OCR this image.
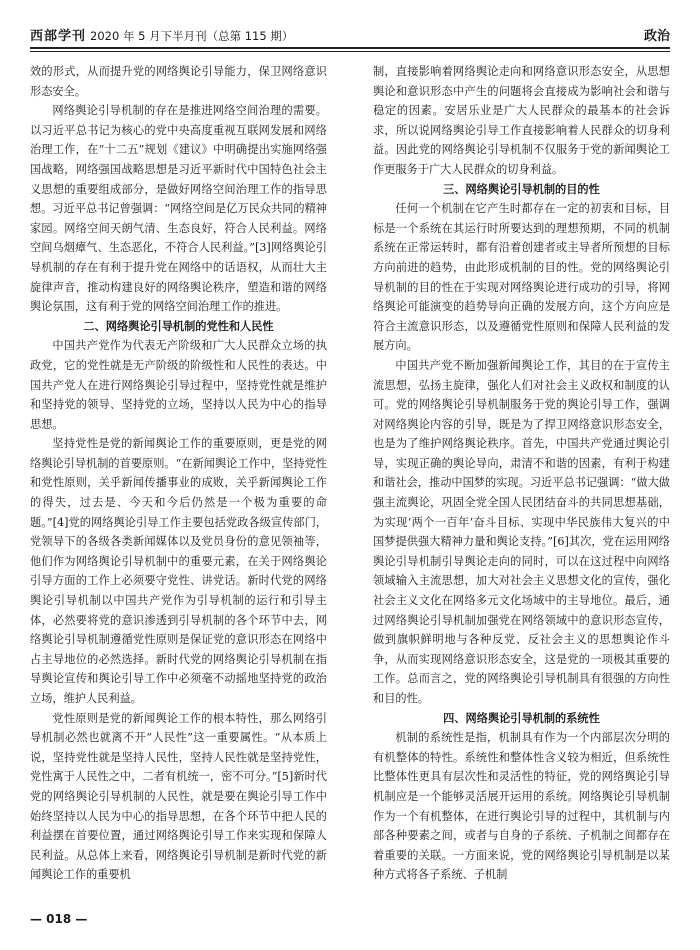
西部学刊 2020 年 5 月下半月刊（总第 115 期）	政治

效的形式，从而提升党的网络舆论引导能力，保卫网络意识形态安全。

网络舆论引导机制的存在是推进网络空间治理的需要。以习近平总书记为核心的党中央高度重视互联网发展和网络治理工作，在“十二五”规划《建议》中明确提出实施网络强国战略，网络强国战略思想是习近平新时代中国特色社会主义思想的重要组成部分，是做好网络空间治理工作的指导思想。习近平总书记曾强调：“网络空间是亿万民众共同的精神家园。网络空间天朗气清、生态良好，符合人民利益。网络空间乌烟瘴气、生态恶化，不符合人民利益。”[3]网络舆论引导机制的存在有利于提升党在网络中的话语权，从而壮大主旋律声音，推动构建良好的网络舆论秩序，塑造和谐的网络舆论氛围，这有利于党的网络空间治理工作的推进。

二、网络舆论引导机制的党性和人民性

中国共产党作为代表无产阶级和广大人民群众立场的执政党，它的党性就是无产阶级的阶级性和人民性的表达。中国共产党人在进行网络舆论引导过程中，坚持党性就是维护和坚持党的领导、坚持党的立场，坚持以人民为中心的指导思想。

坚持党性是党的新闻舆论工作的重要原则，更是党的网络舆论引导机制的首要原则。“在新闻舆论工作中，坚持党性和党性原则，关乎新闻传播事业的成败，关乎新闻舆论工作的得失，过去是、今天和今后仍然是一个极为重要的命题。”[4]党的网络舆论引导工作主要包括党政各级宣传部门，党领导下的各级各类新闻媒体以及党员身份的意见领袖等，他们作为网络舆论引导机制中的重要元素，在关于网络舆论引导方面的工作上必须要守党性、讲党话。新时代党的网络舆论引导机制以中国共产党作为引导机制的运行和引导主体，必然要将党的意识渗透到引导机制的各个环节中去，网络舆论引导机制遵循党性原则是保证党的意识形态在网络中占主导地位的必然选择。新时代党的网络舆论引导机制在指导舆论宣传和舆论引导工作中必须毫不动摇地坚持党的政治立场，维护人民利益。

党性原则是党的新闻舆论工作的根本特性，那么网络引导机制必然也就离不开“人民性”这一重要属性。“从本质上说，坚持党性就是坚持人民性，坚持人民性就是坚持党性，党性寓于人民性之中，二者有机统一，密不可分。”[5]新时代党的网络舆论引导机制的人民性，就是要在舆论引导工作中始终坚持以人民为中心的指导思想，在各个环节中把人民的利益摆在首要位置，通过网络舆论引导工作来实现和保障人民利益。从总体上来看，网络舆论引导机制是新时代党的新闻舆论工作的重要机

制，直接影响着网络舆论走向和网络意识形态安全，从思想舆论和意识形态中产生的问题将会直接成为影响社会和谐与稳定的因素。安居乐业是广大人民群众的最基本的社会诉求，所以说网络舆论引导工作直接影响着人民群众的切身利益。因此党的网络舆论引导机制不仅服务于党的新闻舆论工作更服务于广大人民群众的切身利益。

三、网络舆论引导机制的目的性

任何一个机制在它产生时都存在一定的初衷和目标，目标是一个系统在其运行时所要达到的理想预期，不同的机制系统在正常运转时，都有沿着创建者或主导者所预想的目标方向前进的趋势，由此形成机制的目的性。党的网络舆论引导机制的目的性在于实现对网络舆论进行成功的引导，将网络舆论可能演变的趋势导向正确的发展方向，这个方向应是符合主流意识形态，以及遵循党性原则和保障人民利益的发展方向。

中国共产党不断加强新闻舆论工作，其目的在于宣传主流思想，弘扬主旋律，强化人们对社会主义政权和制度的认可。党的网络舆论引导机制服务于党的舆论引导工作，强调对网络舆论内容的引导，既是为了捍卫网络意识形态安全，也是为了维护网络舆论秩序。首先，中国共产党通过舆论引导，实现正确的舆论导向，肃清不和谐的因素，有利于构建和谐社会，推动中国梦的实现。习近平总书记强调：“做大做强主流舆论，巩固全党全国人民团结奋斗的共同思想基础，为实现‘两个一百年’奋斗目标、实现中华民族伟大复兴的中国梦提供强大精神力量和舆论支持。”[6]其次，党在运用网络舆论引导机制引导舆论走向的同时，可以在这过程中向网络领域输入主流思想，加大对社会主义思想文化的宣传，强化社会主义文化在网络多元文化场域中的主导地位。最后，通过网络舆论引导机制加强党在网络领域中的意识形态宣传，做到旗帜鲜明地与各种反党、反社会主义的思想舆论作斗争，从而实现网络意识形态安全，这是党的一项极其重要的工作。总而言之，党的网络舆论引导机制具有很强的方向性和目的性。

四、网络舆论引导机制的系统性

机制的系统性是指，机制具有作为一个内部层次分明的有机整体的特性。系统性和整体性含义较为相近，但系统性比整体性更具有层次性和灵活性的特征，党的网络舆论引导机制应是一个能够灵活展开运用的系统。网络舆论引导机制作为一个有机整体，在进行舆论引导的过程中，其机制与内部各种要素之间，或者与自身的子系统、子机制之间都存在着重要的关联。一方面来说，党的网络舆论引导机制是以某种方式将各子系统、子机制

— 018 —
